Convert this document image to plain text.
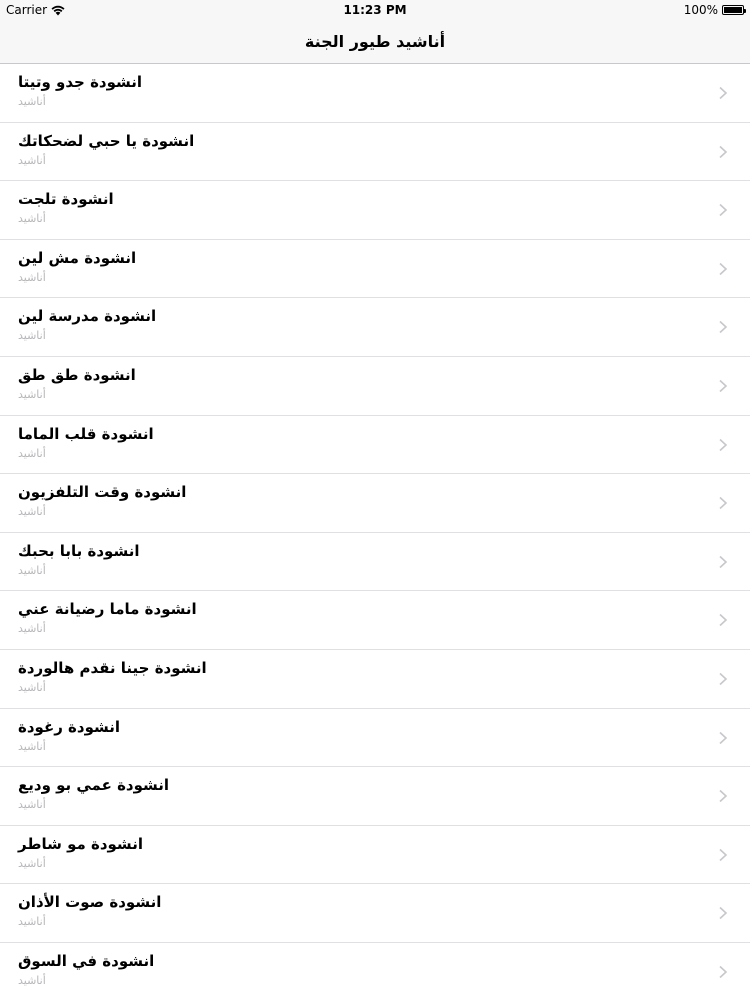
Carrier	11:23 PM	100%
أناشيد طيور الجنة
انشودة جدو وتيتا
أناشيد
انشودة يا حبي لضحكاتك
أناشيد
انشودة تلجت
أناشيد
انشودة مش لين
أناشيد
انشودة مدرسة لين
أناشيد
انشودة طق طق
أناشيد
انشودة قلب الماما
أناشيد
انشودة وقت التلفزيون
أناشيد
انشودة بابا بحبك
أناشيد
انشودة ماما رضيانة عني
أناشيد
انشودة جينا نقدم هالوردة
أناشيد
انشودة رغودة
أناشيد
انشودة عمي بو وديع
أناشيد
انشودة مو شاطر
أناشيد
انشودة صوت الأذان
أناشيد
انشودة في السوق
أناشيد
